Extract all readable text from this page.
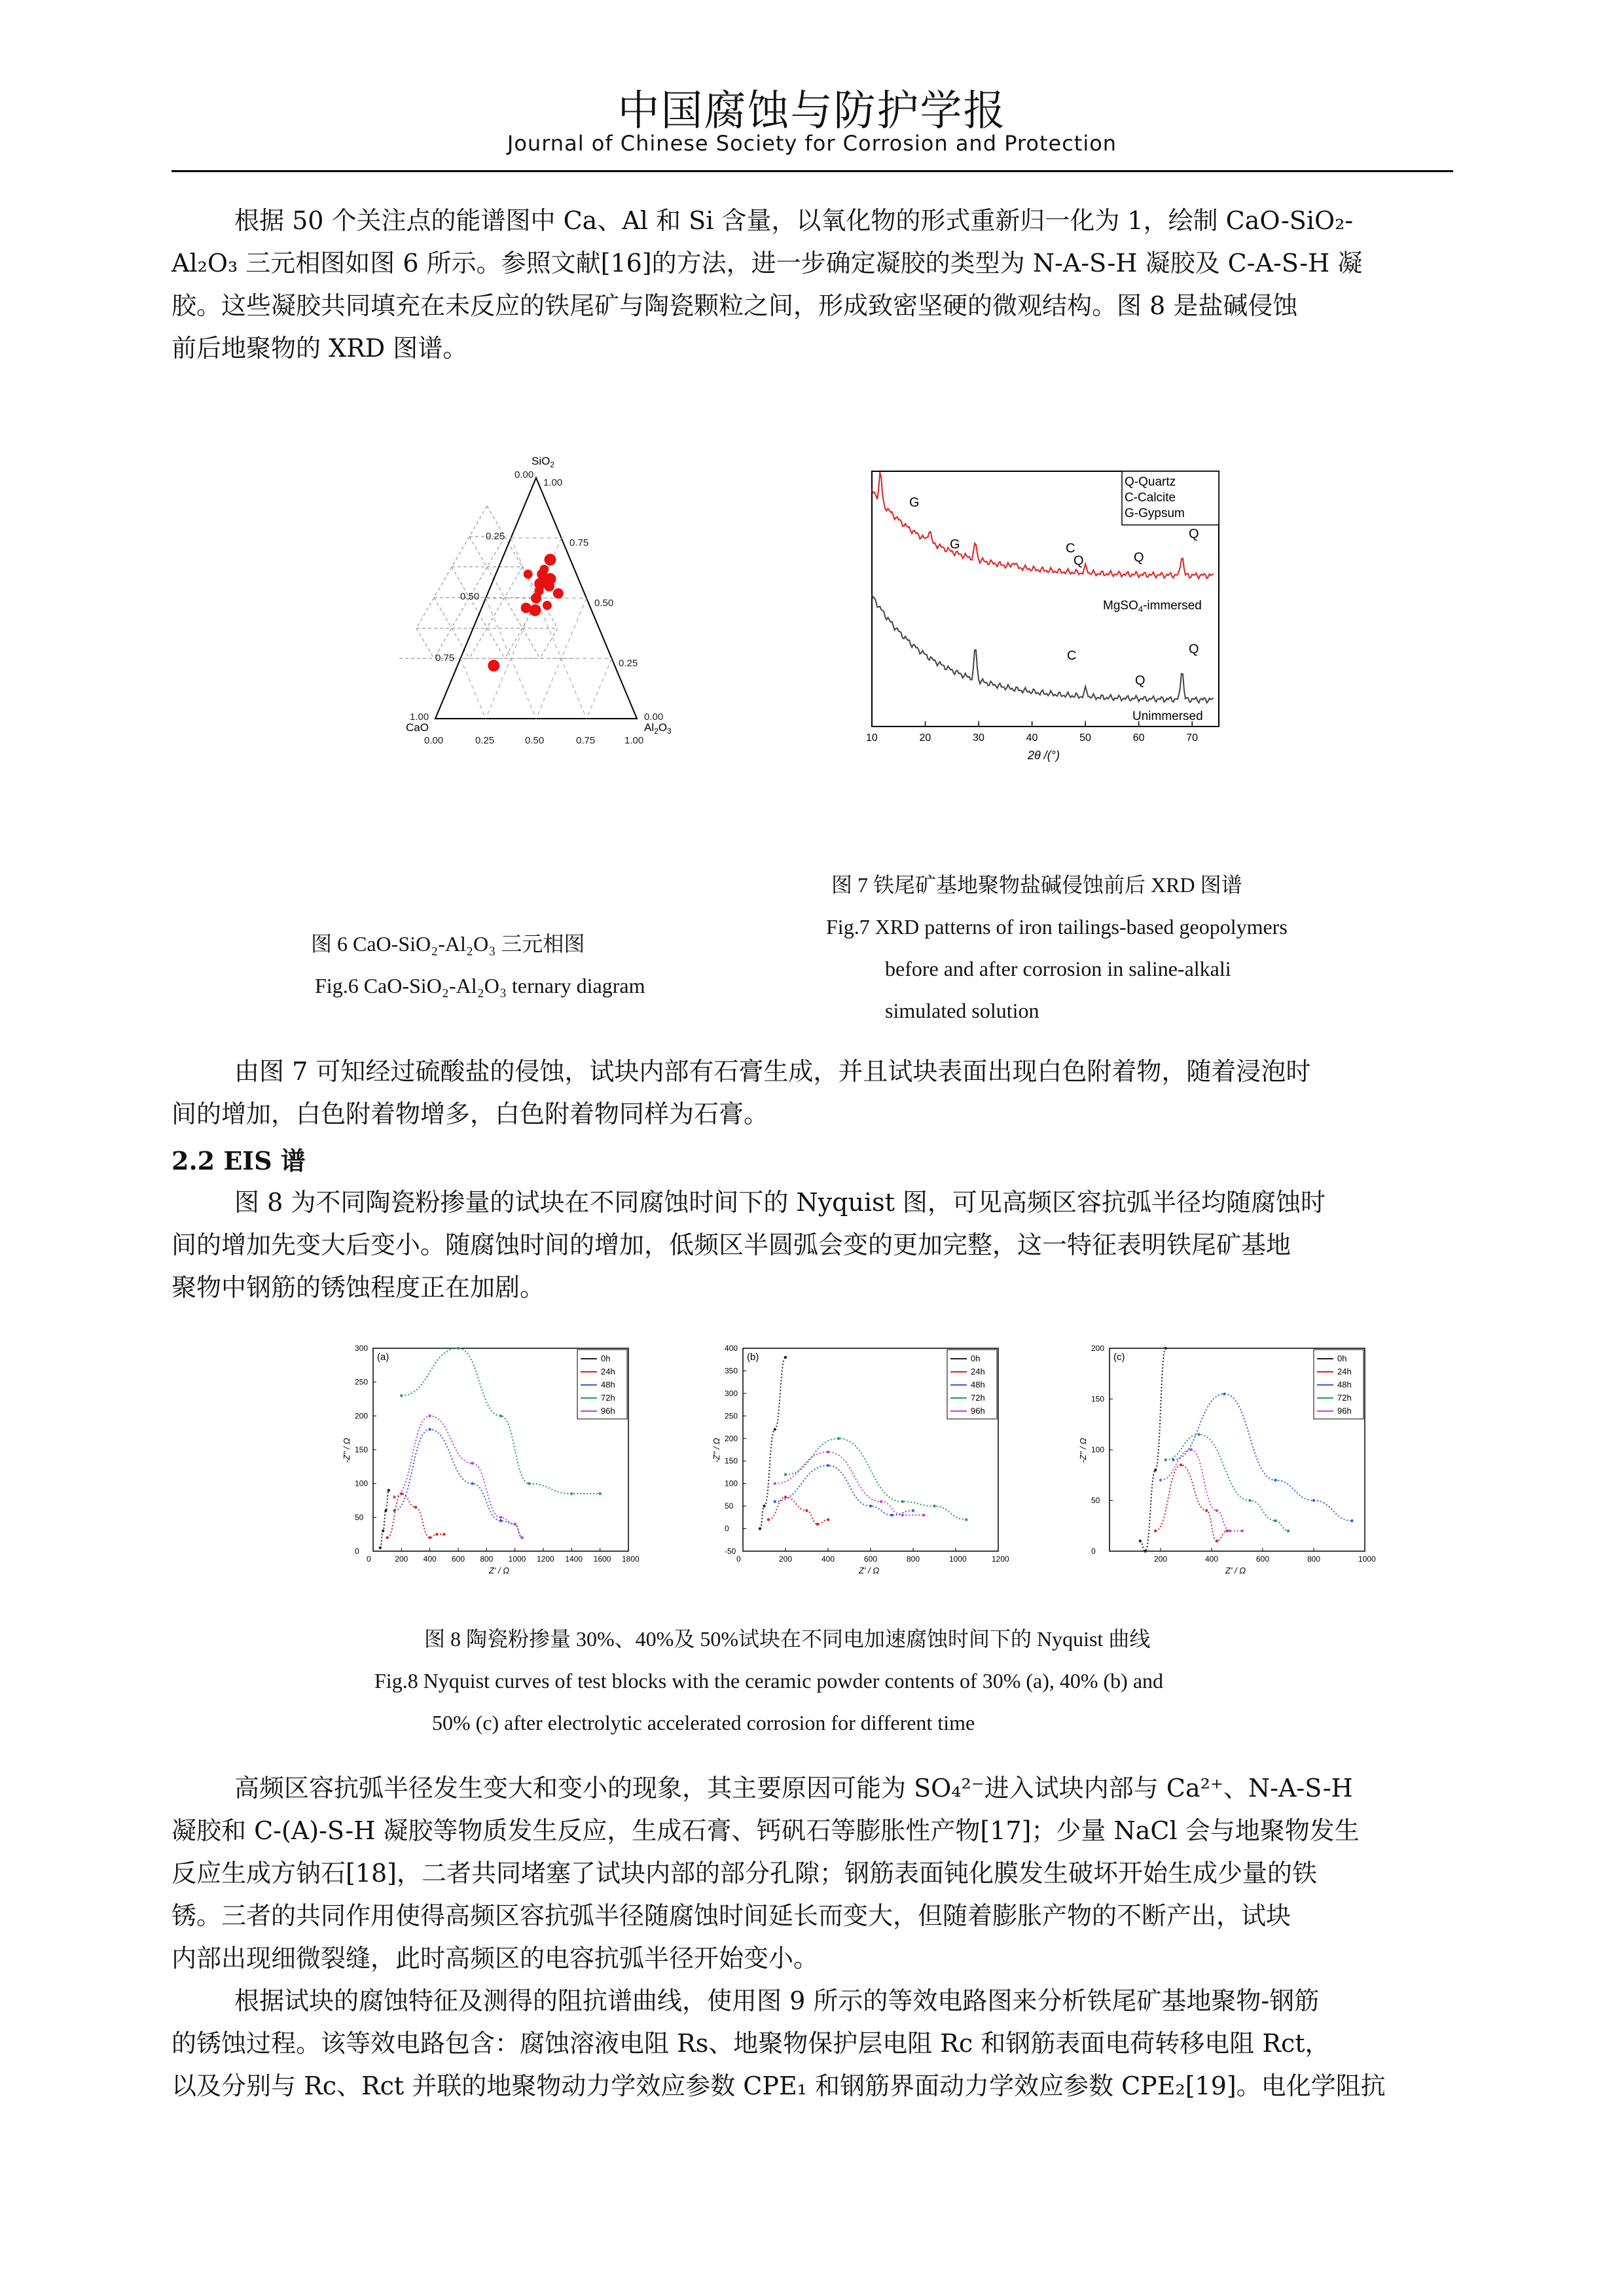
中国腐蚀与防护学报
Journal of Chinese Society for Corrosion and Protection
根据 50 个关注点的能谱图中 Ca、Al 和 Si 含量，以氧化物的形式重新归一化为 1，绘制 CaO-SiO₂-
Al₂O₃ 三元相图如图 6 所示。参照文献[16]的方法，进一步确定凝胶的类型为 N-A-S-H 凝胶及 C-A-S-H 凝
胶。这些凝胶共同填充在未反应的铁尾矿与陶瓷颗粒之间，形成致密坚硬的微观结构。图 8 是盐碱侵蚀
前后地聚物的 XRD 图谱。
SiO$_2$
CaO	$Al_2O_3$
0.00
1.00
0.25
0.75
0.50
0.50
0.75	0.25
1.00	0.00
0.00	0.25	0.50	0.75	1.00
图 6 CaO-SiO₂-Al₂O₃ 三元相图
Fig.6 CaO-SiO₂-Al₂O₃ ternary diagram
Q-Quartz
C-Calcite
G-Gypsum
G
G	C
Q	Q
Q
C
Q
Q
MgSO$_4$-immersed
Unimmersed
10	20	30	40	50	60	70
2θ /(°)
图 7 铁尾矿基地聚物盐碱侵蚀前后 XRD 图谱
Fig.7 XRD patterns of iron tailings-based geopolymers
before and after corrosion in saline-alkali
simulated solution
由图 7 可知经过硫酸盐的侵蚀，试块内部有石膏生成，并且试块表面出现白色附着物，随着浸泡时
间的增加，白色附着物增多，白色附着物同样为石膏。
2.2 EIS 谱
图 8 为不同陶瓷粉掺量的试块在不同腐蚀时间下的 Nyquist 图，可见高频区容抗弧半径均随腐蚀时
间的增加先变大后变小。随腐蚀时间的增加，低频区半圆弧会变的更加完整，这一特征表明铁尾矿基地
聚物中钢筋的锈蚀程度正在加剧。
(a)
0	200 400 600 800 1000 1200 1400 1600 1800
0
50
100
150
200
250
300
Z' / Ω
-Z'' / Ω
0h
24h
48h
72h
96h
(b)
0	200	400	600	800	1000	1200
-50
0
50
100
150
200
250
300
350
400
Z' / Ω
-Z'' / Ω
0h
24h
48h
72h
96h
(c)
200	400	600	800	1000
0
50
100
150
200
Z' / Ω
-Z'' / Ω
0h
24h
48h
72h
96h
图 8 陶瓷粉掺量 30%、40%及 50%试块在不同电加速腐蚀时间下的 Nyquist 曲线
Fig.8 Nyquist curves of test blocks with the ceramic powder contents of 30% (a), 40% (b) and
50% (c) after electrolytic accelerated corrosion for different time
高频区容抗弧半径发生变大和变小的现象，其主要原因可能为 SO₄²⁻进入试块内部与 Ca²⁺、N-A-S-H
凝胶和 C-(A)-S-H 凝胶等物质发生反应，生成石膏、钙矾石等膨胀性产物[17]；少量 NaCl 会与地聚物发生
反应生成方钠石[18]，二者共同堵塞了试块内部的部分孔隙；钢筋表面钝化膜发生破坏开始生成少量的铁
锈。三者的共同作用使得高频区容抗弧半径随腐蚀时间延长而变大，但随着膨胀产物的不断产出，试块
内部出现细微裂缝，此时高频区的电容抗弧半径开始变小。
根据试块的腐蚀特征及测得的阻抗谱曲线，使用图 9 所示的等效电路图来分析铁尾矿基地聚物-钢筋
的锈蚀过程。该等效电路包含：腐蚀溶液电阻 Rs、地聚物保护层电阻 Rc 和钢筋表面电荷转移电阻 Rct，
以及分别与 Rc、Rct 并联的地聚物动力学效应参数 CPE₁ 和钢筋界面动力学效应参数 CPE₂[19]。电化学阻抗
